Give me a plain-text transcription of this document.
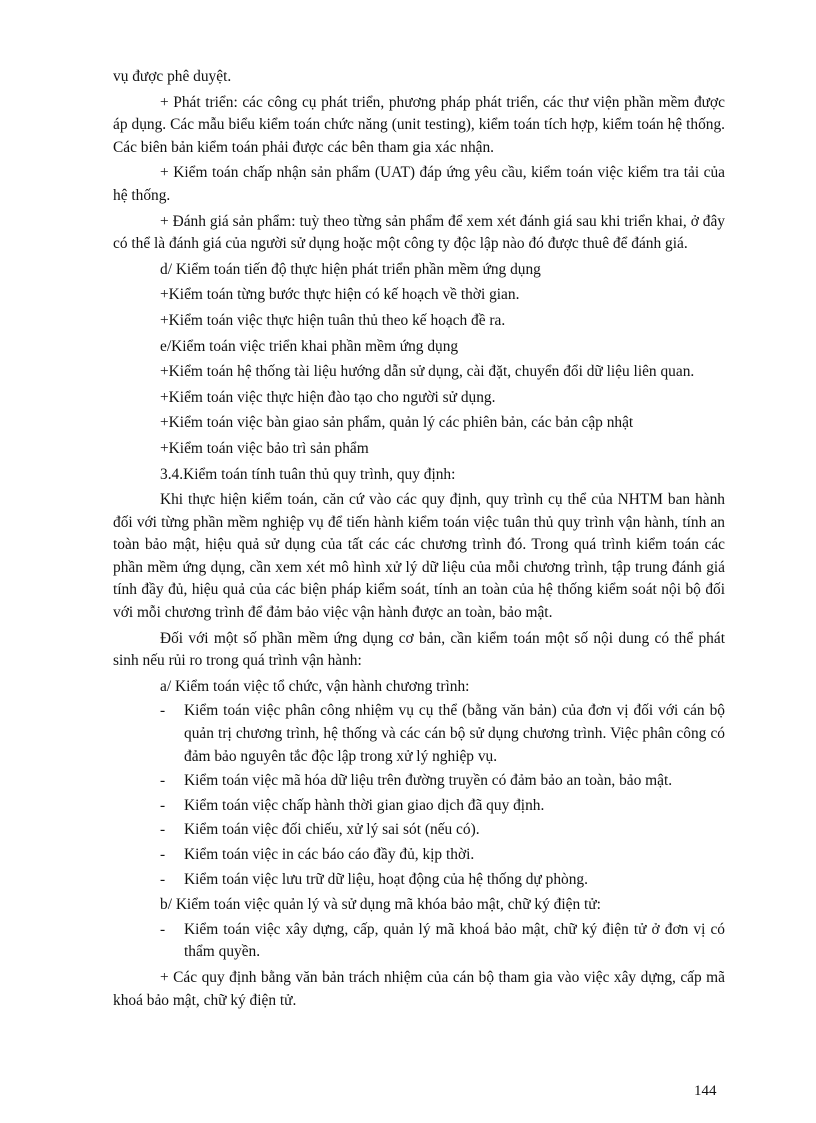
vụ được phê duyệt.

+ Phát triển: các công cụ phát triển, phương pháp phát triển, các thư viện phần mềm được áp dụng. Các mẫu biểu kiểm toán chức năng (unit testing), kiểm toán tích hợp, kiểm toán hệ thống. Các biên bản kiểm toán phải được các bên tham gia xác nhận.

+ Kiểm toán chấp nhận sản phẩm (UAT) đáp ứng yêu cầu, kiểm toán việc kiểm tra tải của hệ thống.

+ Đánh giá sản phẩm: tuỳ theo từng sản phẩm để xem xét đánh giá sau khi triển khai, ở đây có thể là đánh giá của người sử dụng hoặc một công ty độc lập nào đó được thuê để đánh giá.

d/ Kiểm toán tiến độ thực hiện phát triển phần mềm ứng dụng

+Kiểm toán từng bước thực hiện có kế hoạch về thời gian.

+Kiểm toán việc thực hiện tuân thủ theo kế hoạch đề ra.

e/Kiểm toán việc triển khai phần mềm ứng dụng

+Kiểm toán hệ thống tài liệu hướng dẫn sử dụng, cài đặt, chuyển đổi dữ liệu liên quan.

+Kiểm toán việc thực hiện đào tạo cho người sử dụng.

+Kiểm toán việc bàn giao sản phẩm, quản lý các phiên bản, các bản cập nhật

+Kiểm toán việc bảo trì sản phẩm

3.4.Kiểm toán tính tuân thủ quy trình, quy định:

Khi thực hiện kiểm toán, căn cứ vào các quy định, quy trình cụ thể của NHTM ban hành đối với từng phần mềm nghiệp vụ để tiến hành kiểm toán việc tuân thủ quy trình vận hành, tính an toàn bảo mật, hiệu quả sử dụng của tất các các chương trình đó. Trong quá trình kiểm toán các phần mềm ứng dụng, cần xem xét mô hình xử lý dữ liệu của mỗi chương trình, tập trung đánh giá tính đầy đủ, hiệu quả của các biện pháp kiểm soát, tính an toàn của hệ thống kiểm soát nội bộ đối với mỗi chương trình để đảm bảo việc vận hành được an toàn, bảo mật.

Đối với một số phần mềm ứng dụng cơ bản, cần kiểm toán một số nội dung có thể phát sinh nếu rủi ro trong quá trình vận hành:

a/ Kiểm toán việc tổ chức, vận hành chương trình:

-	Kiểm toán việc phân công nhiệm vụ cụ thể (bằng văn bản) của đơn vị đối với cán bộ quản trị chương trình, hệ thống và các cán bộ sử dụng chương trình. Việc phân công có đảm bảo nguyên tắc độc lập trong xử lý nghiệp vụ.
-	Kiểm toán việc mã hóa dữ liệu trên đường truyền có đảm bảo an toàn, bảo mật.
-	Kiểm toán việc chấp hành thời gian giao dịch đã quy định.
-	Kiểm toán việc đối chiếu, xử lý sai sót (nếu có).
-	Kiểm toán việc in các báo cáo đầy đủ, kịp thời.
-	Kiểm toán việc lưu trữ dữ liệu, hoạt động của hệ thống dự phòng.

b/ Kiểm toán việc quản lý và sử dụng mã khóa bảo mật, chữ ký điện tử:

-	Kiểm toán việc xây dựng, cấp, quản lý mã khoá bảo mật, chữ ký điện tử ở đơn vị có thẩm quyền.

+ Các quy định bằng văn bản trách nhiệm của cán bộ tham gia vào việc xây dựng, cấp mã khoá bảo mật, chữ ký điện tử.

144
